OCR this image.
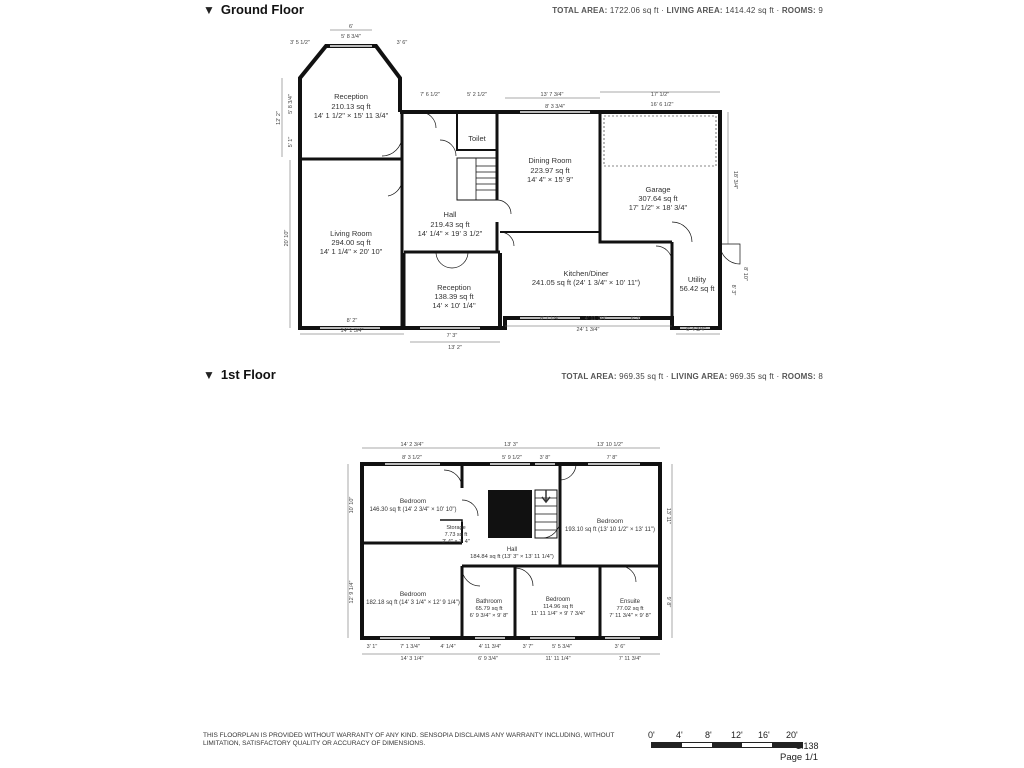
▼ Ground Floor	TOTAL AREA: 1722.06 sq ft · LIVING AREA: 1414.42 sq ft · ROOMS: 9
6'
5' 8 3/4"
3' 5 1/2"	3' 6"
12' 2"
5' 8 3/4"
5' 1"
20' 10"
7' 6 1/2"	5' 2 1/2"	13' 7 3/4"
8' 3 3/4"
17' 1/2"
16' 6 1/2"
18' 3/4"
8' 10"
8' 3"
8' 2"
14' 1 3/4"
7' 3"
13' 2"
8' 7 1/4"	4' 11 3/4"	6' 3"
24' 1 3/4"	6' 4 3/4"
Reception
210.13 sq ft
14' 1 1/2" × 15' 11 3/4"
Toilet
Dining Room
223.97 sq ft
14' 4" × 15' 9"
Garage
307.64 sq ft
17' 1/2" × 18' 3/4"
Hall
219.43 sq ft
14' 1/4" × 19' 3 1/2"
Living Room
294.00 sq ft
14' 1 1/4" × 20' 10"
Kitchen/Diner
241.05 sq ft (24' 1 3/4" × 10' 11")	Utility
56.42 sq ft
Reception
138.39 sq ft
14' × 10' 1/4"
▼ 1st Floor	TOTAL AREA: 969.35 sq ft · LIVING AREA: 969.35 sq ft · ROOMS: 8
14' 2 3/4"	13' 3"	13' 10 1/2"
8' 3 1/2"	5' 9 1/2"	3' 8"	7' 8"
10' 10"
12' 9 1/4"
13' 11"
9' 8"
3' 1"	7' 1 3/4"	4' 1/4"	4' 11 3/4"	3' 7"	5' 5 3/4"	3' 6"
14' 3 1/4"	6' 9 3/4"	11' 11 1/4"	7' 11 3/4"
Bedroom
146.30 sq ft (14' 2 3/4" × 10' 10")
Storage
7.73 sq ft
2' 4" × 3' 4"
Hall
184.84 sq ft (13' 3" × 13' 11 1/4")
Bedroom
193.10 sq ft (13' 10 1/2" × 13' 11")
Bedroom
182.18 sq ft (14' 3 1/4" × 12' 9 1/4")	Bathroom
65.79 sq ft
6' 9 3/4" × 9' 8"
Bedroom
114.96 sq ft
11' 11 1/4" × 9' 7 3/4"
Ensuite
77.02 sq ft
7' 11 3/4" × 9' 8"
THIS FLOORPLAN IS PROVIDED WITHOUT WARRANTY OF ANY KIND. SENSOPIA DISCLAIMS ANY WARRANTY INCLUDING, WITHOUT LIMITATION, SATISFACTORY QUALITY OR ACCURACY OF DIMENSIONS.
0' 4' 8' 12' 16' 20'
1:138
Page 1/1
